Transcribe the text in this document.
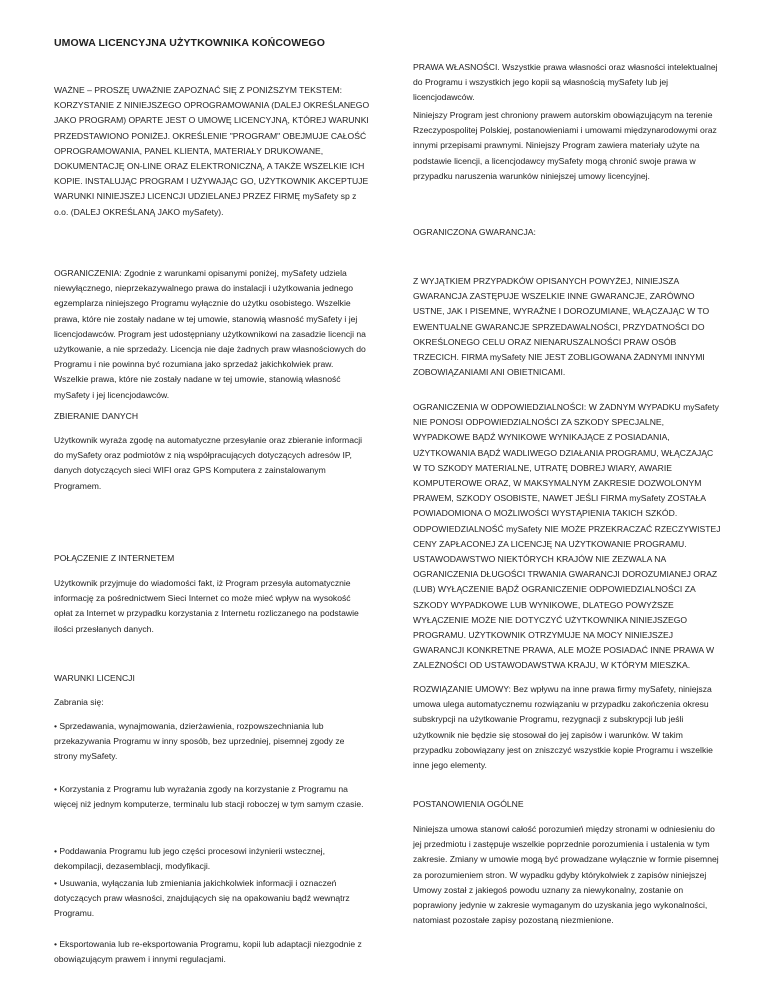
UMOWA LICENCYJNA UŻYTKOWNIKA KOŃCOWEGO

WAŻNE – PROSZĘ UWAŻNIE ZAPOZNAĆ SIĘ Z PONIŻSZYM TEKSTEM: KORZYSTANIE Z NINIEJSZEGO OPROGRAMOWANIA (DALEJ OKREŚLANEGO JAKO PROGRAM) OPARTE JEST O UMOWĘ LICENCYJNĄ, KTÓREJ WARUNKI PRZEDSTAWIONO PONIŻEJ. OKREŚLENIE "PROGRAM" OBEJMUJE CAŁOŚĆ OPROGRAMOWANIA, PANEL KLIENTA, MATERIAŁY DRUKOWANE, DOKUMENTACJĘ ON-LINE ORAZ ELEKTRONICZNĄ, A TAKŻE WSZELKIE ICH KOPIE. INSTALUJĄC PROGRAM I UŻYWAJĄC GO, UŻYTKOWNIK AKCEPTUJE WARUNKI NINIEJSZEJ LICENCJI UDZIELANEJ PRZEZ FIRMĘ mySafety sp z o.o. (DALEJ OKREŚLANĄ JAKO mySafety).

OGRANICZENIA: Zgodnie z warunkami opisanymi poniżej, mySafety udziela niewyłącznego, nieprzekazywalnego prawa do instalacji i użytkowania jednego egzemplarza niniejszego Programu wyłącznie do użytku osobistego. Wszelkie prawa, które nie zostały nadane w tej umowie, stanowią własność mySafety i jej licencjodawców. Program jest udostępniany użytkownikowi na zasadzie licencji na użytkowanie, a nie sprzedaży. Licencja nie daje żadnych praw własnościowych do Programu i nie powinna być rozumiana jako sprzedaż jakichkolwiek praw. Wszelkie prawa, które nie zostały nadane w tej umowie, stanowią własność mySafety i jej licencjodawców.

ZBIERANIE DANYCH

Użytkownik wyraża zgodę na automatyczne przesyłanie oraz zbieranie informacji do mySafety oraz podmiotów z nią współpracujących dotyczących adresów IP, danych dotyczących sieci WIFI oraz GPS Komputera z zainstalowanym Programem.

POŁĄCZENIE Z INTERNETEM

Użytkownik przyjmuje do wiadomości fakt, iż Program przesyła automatycznie informację za pośrednictwem Sieci Internet co może mieć wpływ na wysokość opłat za Internet w przypadku korzystania z Internetu rozliczanego na podstawie ilości przesłanych danych.

WARUNKI LICENCJI

Zabrania się:

• Sprzedawania, wynajmowania, dzierżawienia, rozpowszechniania lub przekazywania Programu w inny sposób, bez uprzedniej, pisemnej zgody ze strony mySafety.

• Korzystania z Programu lub wyrażania zgody na korzystanie z Programu na więcej niż jednym komputerze, terminalu lub stacji roboczej w tym samym czasie.

• Poddawania Programu lub jego części procesowi inżynierii wstecznej, dekompilacji, dezasemblacji, modyfikacji.

• Usuwania, wyłączania lub zmieniania jakichkolwiek informacji i oznaczeń dotyczących praw własności, znajdujących się na opakowaniu bądź wewnątrz Programu.

• Eksportowania lub re-eksportowania Programu, kopii lub adaptacji niezgodnie z obowiązującym prawem i innymi regulacjami.

PRAWA WŁASNOŚCI. Wszystkie prawa własności oraz własności intelektualnej do Programu i wszystkich jego kopii są własnością mySafety lub jej licencjodawców.

Niniejszy Program jest chroniony prawem autorskim obowiązującym na terenie Rzeczypospolitej Polskiej, postanowieniami i umowami międzynarodowymi oraz innymi przepisami prawnymi. Niniejszy Program zawiera materiały użyte na podstawie licencji, a licencjodawcy mySafety mogą chronić swoje prawa w przypadku naruszenia warunków niniejszej umowy licencyjnej.

OGRANICZONA GWARANCJA:

Z WYJĄTKIEM PRZYPADKÓW OPISANYCH POWYŻEJ, NINIEJSZA GWARANCJA ZASTĘPUJE WSZELKIE INNE GWARANCJE, ZARÓWNO USTNE, JAK I PISEMNE, WYRAŹNE I DOROZUMIANE, WŁĄCZAJĄC W TO EWENTUALNE GWARANCJE SPRZEDAWALNOŚCI, PRZYDATNOŚCI DO OKREŚLONEGO CELU ORAZ NIENARUSZALNOŚCI PRAW OSÓB TRZECICH. FIRMA mySafety NIE JEST ZOBLIGOWANA ŻADNYMI INNYMI ZOBOWIĄZANIAMI ANI OBIETNICAMI.

OGRANICZENIA W ODPOWIEDZIALNOŚCI: W ŻADNYM WYPADKU mySafety NIE PONOSI ODPOWIEDZIALNOŚCI ZA SZKODY SPECJALNE, WYPADKOWE BĄDŹ WYNIKOWE WYNIKAJĄCE Z POSIADANIA, UŻYTKOWANIA BĄDŹ WADLIWEGO DZIAŁANIA PROGRAMU, WŁĄCZAJĄC W TO SZKODY MATERIALNE, UTRATĘ DOBREJ WIARY, AWARIE KOMPUTEROWE ORAZ, W MAKSYMALNYM ZAKRESIE DOZWOLONYM PRAWEM, SZKODY OSOBISTE, NAWET JEŚLI FIRMA mySafety ZOSTAŁA POWIADOMIONA O MOŻLIWOŚCI WYSTĄPIENIA TAKICH SZKÓD. ODPOWIEDZIALNOŚĆ mySafety NIE MOŻE PRZEKRACZAĆ RZECZYWISTEJ CENY ZAPŁACONEJ ZA LICENCJĘ NA UŻYTKOWANIE PROGRAMU. USTAWODAWSTWO NIEKTÓRYCH KRAJÓW NIE ZEZWALA NA OGRANICZENIA DŁUGOŚCI TRWANIA GWARANCJI DOROZUMIANEJ ORAZ (LUB) WYŁĄCZENIE BĄDŹ OGRANICZENIE ODPOWIEDZIALNOŚCI ZA SZKODY WYPADKOWE LUB WYNIKOWE, DLATEGO POWYŻSZE WYŁĄCZENIE MOŻE NIE DOTYCZYĆ UŻYTKOWNIKA NINIEJSZEGO PROGRAMU. UŻYTKOWNIK OTRZYMUJE NA MOCY NINIEJSZEJ GWARANCJI KONKRETNE PRAWA, ALE MOŻE POSIADAĆ INNE PRAWA W ZALEŻNOŚCI OD USTAWODAWSTWA KRAJU, W KTÓRYM MIESZKA.

ROZWIĄZANIE UMOWY: Bez wpływu na inne prawa firmy mySafety, niniejsza umowa ulega automatycznemu rozwiązaniu w przypadku zakończenia okresu subskrypcji na użytkowanie Programu, rezygnacji z subskrypcji lub jeśli użytkownik nie będzie się stosował do jej zapisów i warunków. W takim przypadku zobowiązany jest on zniszczyć wszystkie kopie Programu i wszelkie inne jego elementy.

POSTANOWIENIA OGÓLNE

Niniejsza umowa stanowi całość porozumień między stronami w odniesieniu do jej przedmiotu i zastępuje wszelkie poprzednie porozumienia i ustalenia w tym zakresie. Zmiany w umowie mogą być prowadzane wyłącznie w formie pisemnej za porozumieniem stron. W wypadku gdyby którykolwiek z zapisów niniejszej Umowy został z jakiegoś powodu uznany za niewykonalny, zostanie on poprawiony jedynie w zakresie wymaganym do uzyskania jego wykonalności, natomiast pozostałe zapisy pozostaną niezmienione.
